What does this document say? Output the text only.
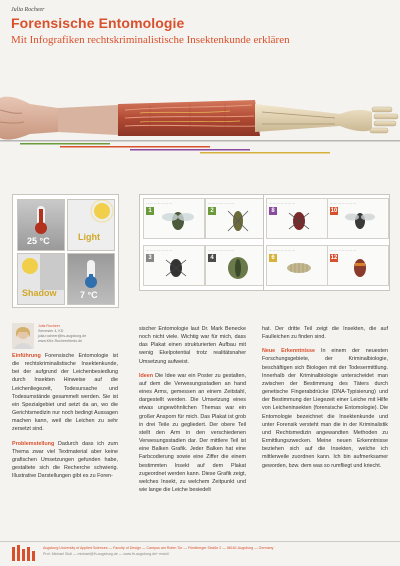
Julia Rocheer
Forensische Entomologie
Mit Infografiken rechtskriminalistische Insektenkunde erklären
25 °C	Light
Shadow	7 °C
— — — — — — —
1
— — — — — — —
2
— — — — — — —
3
— — — — — — —
4
— — — — — — —
8
— — — — — — —
10
— — — — — — —
6
— — — — — — —
12
Julia Rocheer
Semester 4, KD
julia.rocheer@hs-augsburg.de
www.KKe-Rocheerfriedo.de

Einführung Forensische Entomologie ist die rechtskriminalistische Insektenkunde, bei der aufgrund der Leichenbesiedlung durch Insekten Hinweise auf die Leichenliegezeit, Todesursache und Todesumstände gesammelt werden. Sie ist ein Spezialgebiet und setzt da an, wo die Gerichtsmedizin nur noch bedingt Aussagen machen kann, weil die Leichen zu sehr zersetzt sind.

Problemstellung Dadurch dass ich zum Thema zwar viel Textmaterial aber keine grafischen Umsetzungen gefunden habe, gestaltete sich die Recherche schwierig. Illustrative Darstellungen gibt es zu Foren-

sischer Entomologie laut Dr. Mark Benecke noch nicht viele. Wichtig war für mich, dass das Plakat einen strukturierten Aufbau mit wenig Ekelpotential trotz realitätsnaher Umsetzung aufweist.

Ideen Die Idee war ein Poster zu gestalten, auf dem die Verwesungsstadien an hand eines Arms, gemessen an einem Zeitstahl, dargestellt werden. Die Umsetzung eines etwas ungewöhnlichen Themas war ein großer Ansporn für mich. Das Plakat ist grob in drei Teile zu gegliedert. Der obere Teil stellt den Arm in den verschiedenen Verwesungsstadien dar. Der mittlere Teil ist eine Balken Grafik. Jeder Balken hat eine Farbcodierung sowie eine Ziffer die einem bestimmten Insekt auf dem Plakat zugeordnet werden kann. Diese Grafik zeigt, welches Insekt, zu welchem Zeitpunkt und wie lange die Leiche besiedelt

hat. Der dritte Teil zeigt die Insekten, die auf Faulleichen zu finden sind.

Neue Erkenntnisse In einem der neuesten Forschungsgebiete, der Kriminalbiologie, beschäftigen sich Biologen mit der Todesermittlung. Innerhalb der Kriminalbiologie unterscheidet man zwischen der Bestimmung des Täters durch genetische Fingerabdrücke (DNA-Typisierung) und der Bestimmung der Liegezeit einer Leiche mit Hilfe von Leicheninsekten (forensische Entomologie). Die Entomologie bezeichnet die Insektenkunde und unter Forensik versteht man die in der Kriminalistik und Rechtsmedizin angewandten Methoden zu Ermittlungszwecken. Meine neuen Erkenntnisse beziehen sich auf die Insekten, welche ich mittlerweile zuordnen kann. Ich bin aufmerksamer geworden, bzw. dem was so rumfliegt und kriecht.

Augsburg University of Applied Sciences — Faculty of Design — Campus am Roten Tor — Friedberger Straße 2 — 86161 Augsburg — Germany
Prof. Michael Stoll — michael@fh-augsburg.de — www.fh-augsburg.de/~mstoll
